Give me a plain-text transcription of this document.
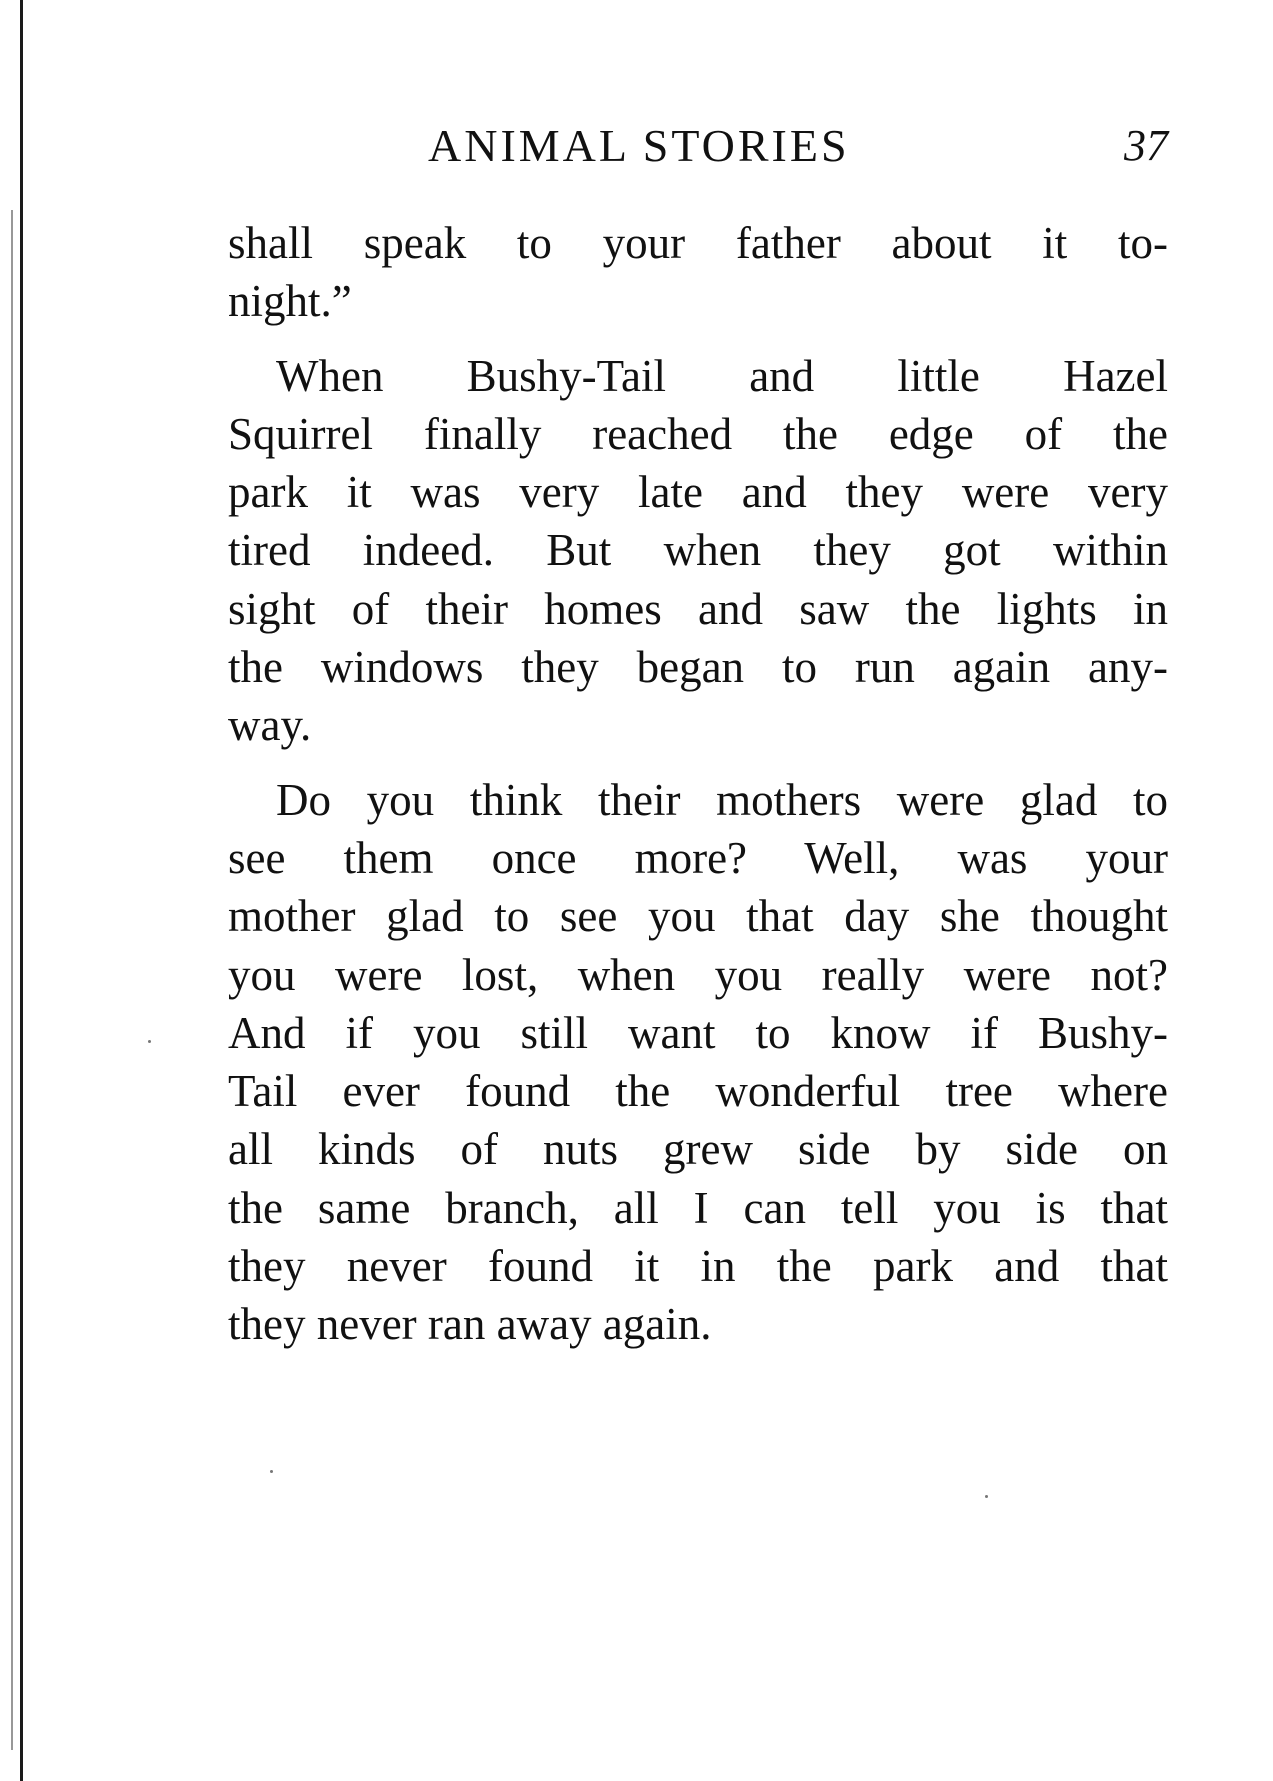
ANIMAL STORIES	37

shall speak to your father about it to-
night.”

When Bushy-Tail and little Hazel
Squirrel finally reached the edge of the
park it was very late and they were very
tired indeed. But when they got within
sight of their homes and saw the lights in
the windows they began to run again any-
way.

Do you think their mothers were glad to
see them once more? Well, was your
mother glad to see you that day she thought
you were lost, when you really were not?
And if you still want to know if Bushy-
Tail ever found the wonderful tree where
all kinds of nuts grew side by side on
the same branch, all I can tell you is that
they never found it in the park and that
they never ran away again.
